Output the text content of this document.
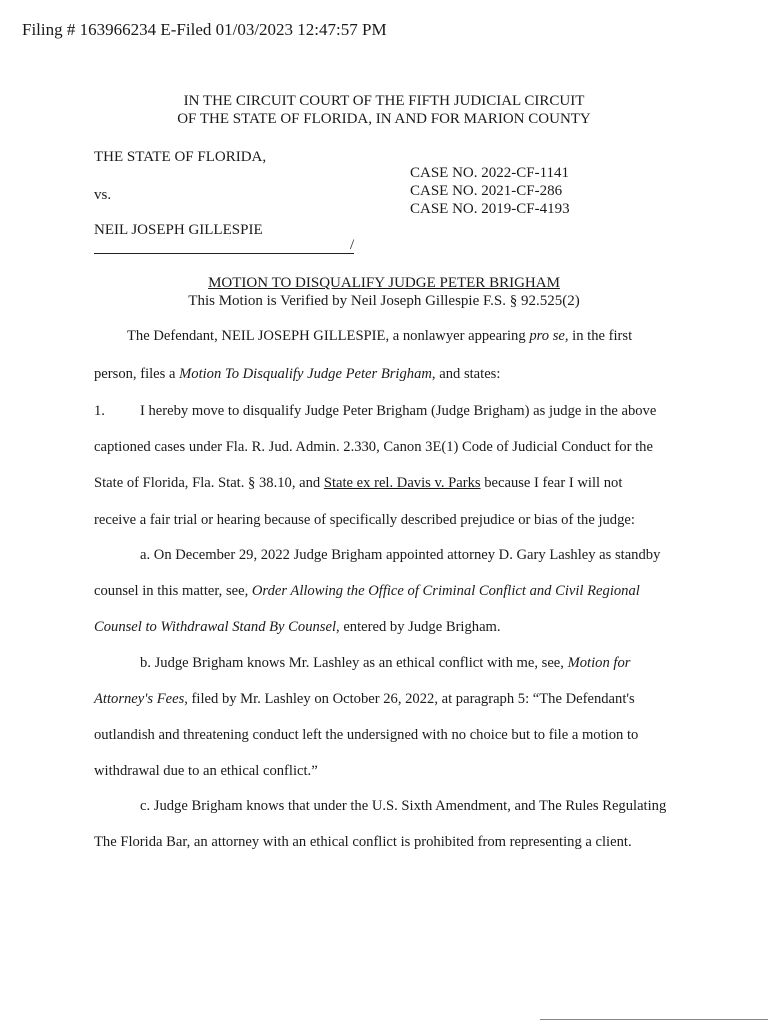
Filing # 163966234 E-Filed 01/03/2023 12:47:57 PM
IN THE CIRCUIT COURT OF THE FIFTH JUDICIAL CIRCUIT
OF THE STATE OF FLORIDA, IN AND FOR MARION COUNTY
THE STATE OF FLORIDA,
vs.
NEIL JOSEPH GILLESPIE
/
CASE NO. 2022-CF-1141
CASE NO. 2021-CF-286
CASE NO. 2019-CF-4193
MOTION TO DISQUALIFY JUDGE PETER BRIGHAM
This Motion is Verified by Neil Joseph Gillespie F.S. § 92.525(2)
The Defendant, NEIL JOSEPH GILLESPIE, a nonlawyer appearing pro se, in the first
person, files a Motion To Disqualify Judge Peter Brigham, and states:
1. I hereby move to disqualify Judge Peter Brigham (Judge Brigham) as judge in the above
captioned cases under Fla. R. Jud. Admin. 2.330, Canon 3E(1) Code of Judicial Conduct for the
State of Florida, Fla. Stat. § 38.10, and State ex rel. Davis v. Parks because I fear I will not
receive a fair trial or hearing because of specifically described prejudice or bias of the judge:
a. On December 29, 2022 Judge Brigham appointed attorney D. Gary Lashley as standby
counsel in this matter, see, Order Allowing the Office of Criminal Conflict and Civil Regional
Counsel to Withdrawal Stand By Counsel, entered by Judge Brigham.
b. Judge Brigham knows Mr. Lashley as an ethical conflict with me, see, Motion for
Attorney's Fees, filed by Mr. Lashley on October 26, 2022, at paragraph 5: “The Defendant's
outlandish and threatening conduct left the undersigned with no choice but to file a motion to
withdrawal due to an ethical conflict.”
c. Judge Brigham knows that under the U.S. Sixth Amendment, and The Rules Regulating
The Florida Bar, an attorney with an ethical conflict is prohibited from representing a client.
